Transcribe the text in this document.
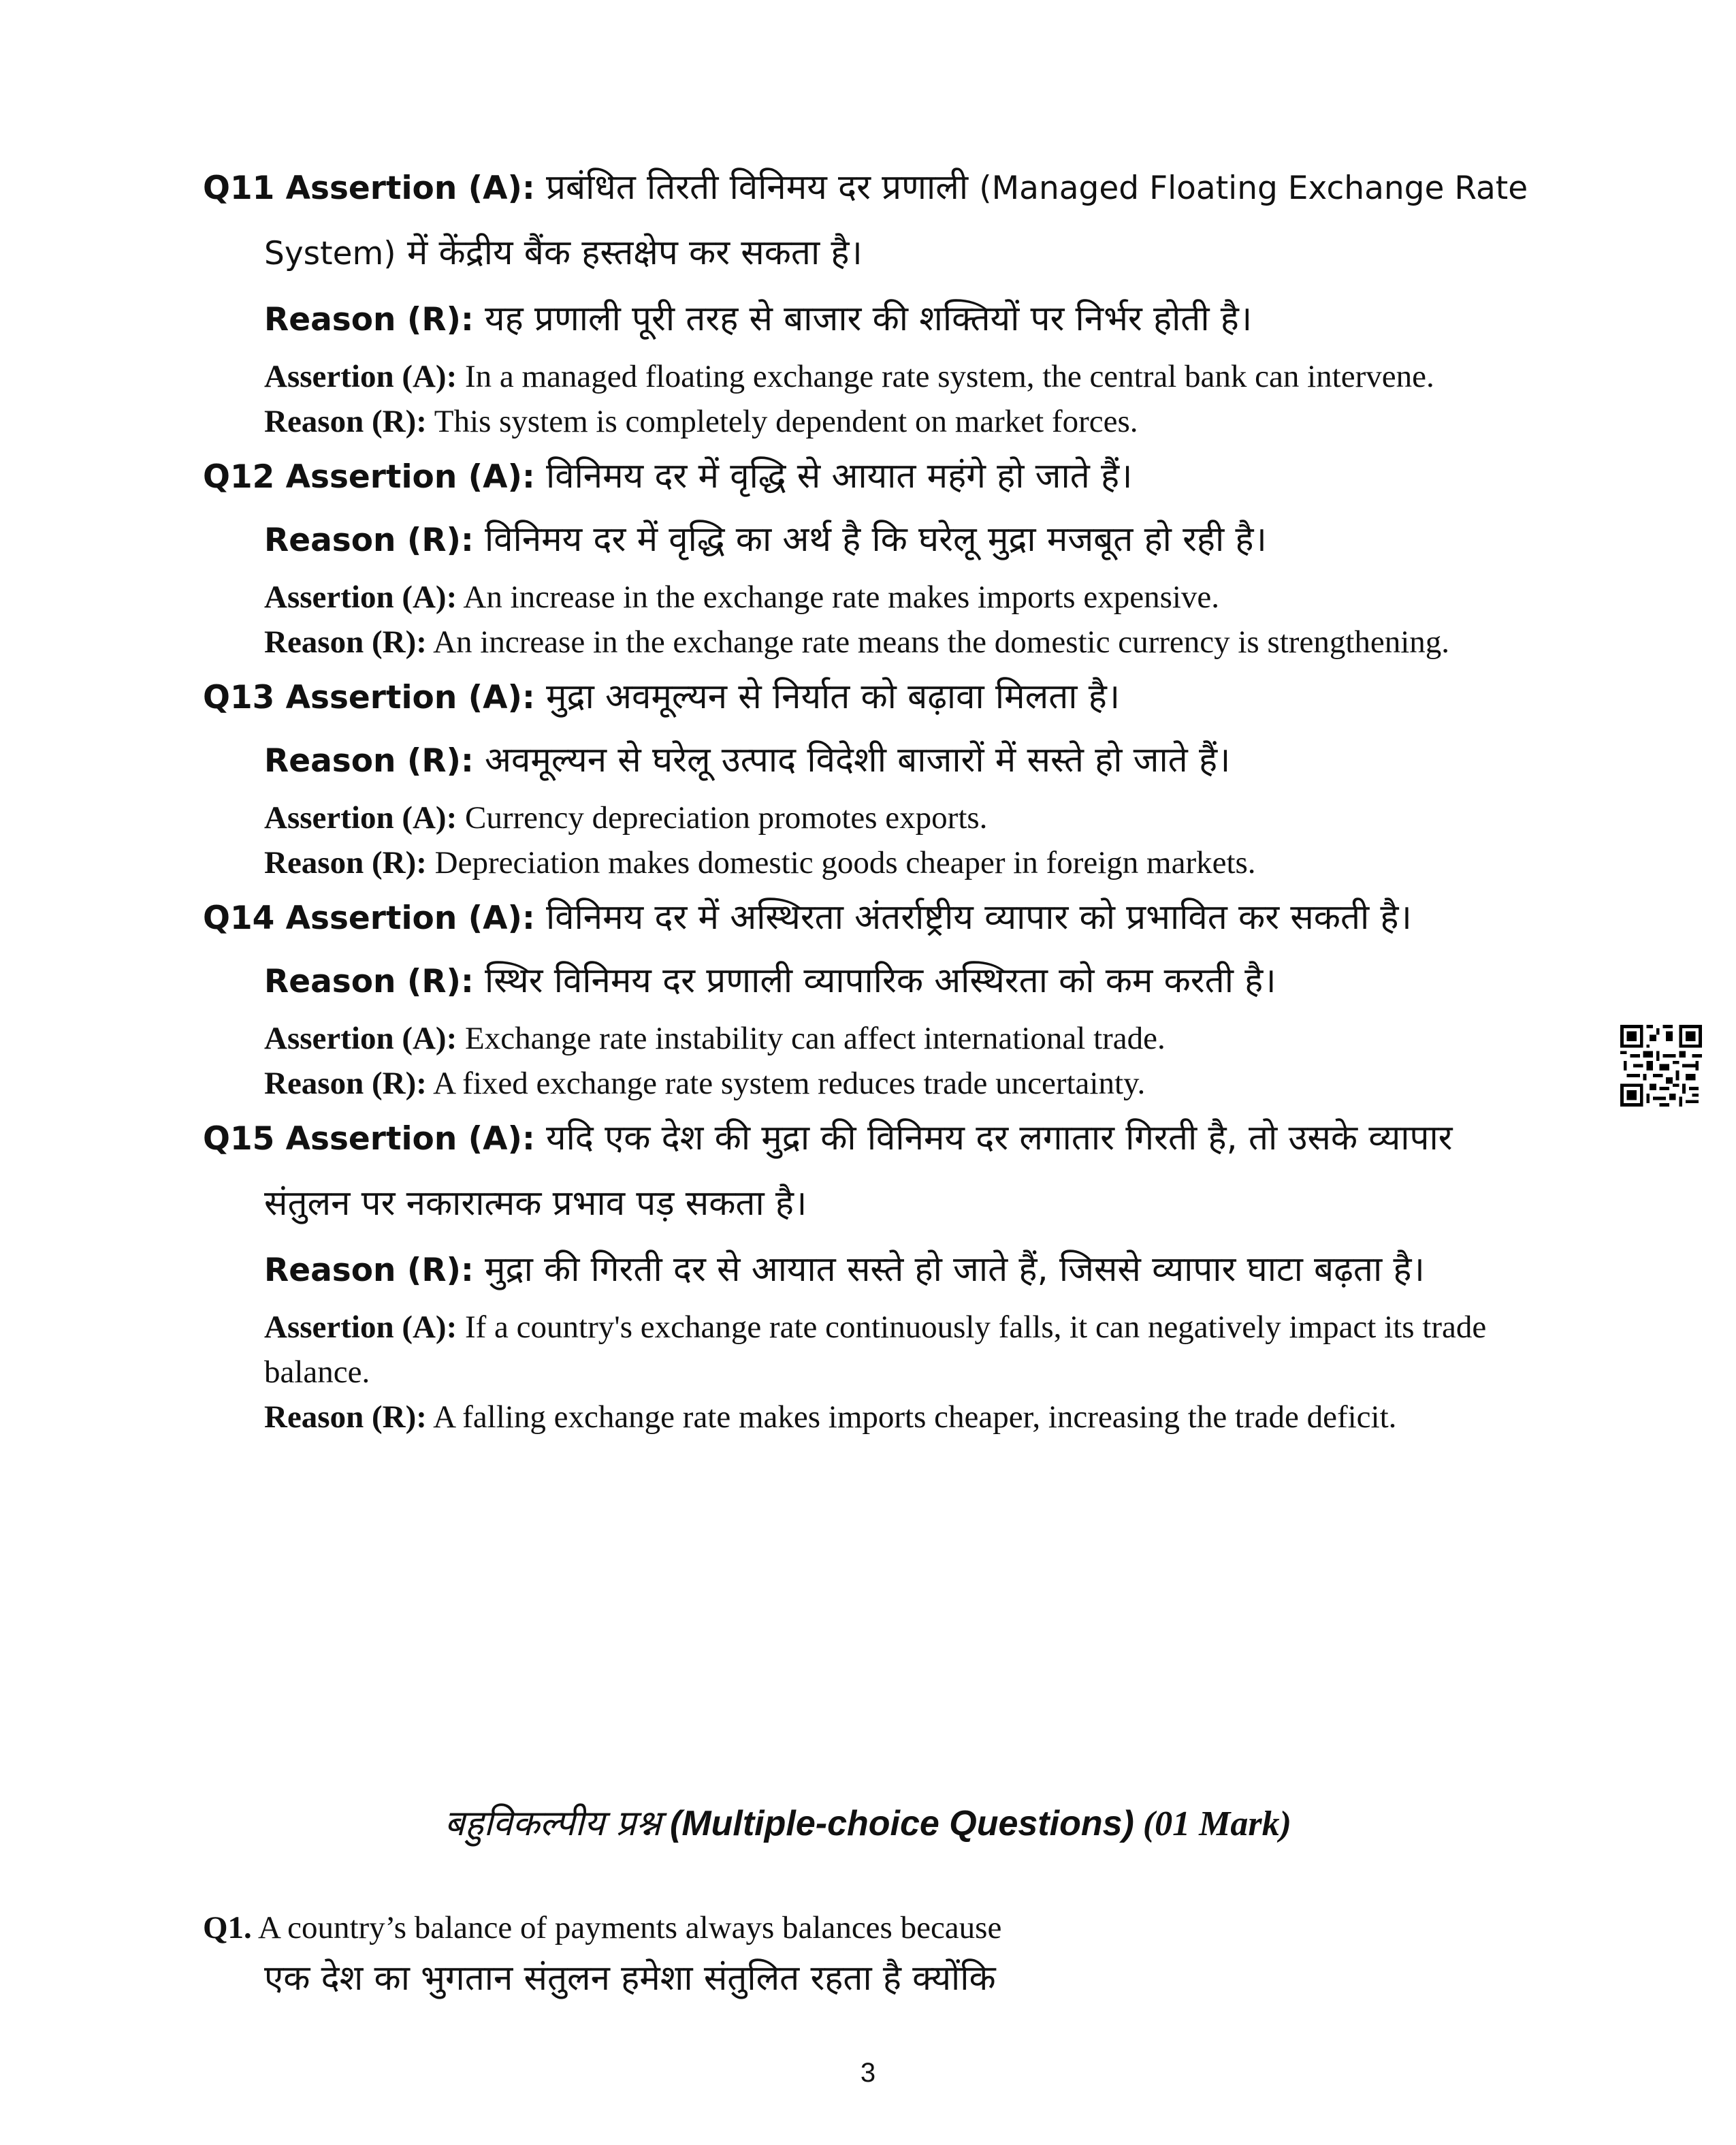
Q11 Assertion (A): प्रबंधित तिरती विनिमय दर प्रणाली (Managed Floating Exchange Rate
System) में केंद्रीय बैंक हस्तक्षेप कर सकता है।
Reason (R): यह प्रणाली पूरी तरह से बाजार की शक्तियों पर निर्भर होती है।
Assertion (A): In a managed floating exchange rate system, the central bank can intervene.
Reason (R): This system is completely dependent on market forces.
Q12 Assertion (A): विनिमय दर में वृद्धि से आयात महंगे हो जाते हैं।
Reason (R): विनिमय दर में वृद्धि का अर्थ है कि घरेलू मुद्रा मजबूत हो रही है।
Assertion (A): An increase in the exchange rate makes imports expensive.
Reason (R): An increase in the exchange rate means the domestic currency is strengthening.
Q13 Assertion (A): मुद्रा अवमूल्यन से निर्यात को बढ़ावा मिलता है।
Reason (R): अवमूल्यन से घरेलू उत्पाद विदेशी बाजारों में सस्ते हो जाते हैं।
Assertion (A): Currency depreciation promotes exports.
Reason (R): Depreciation makes domestic goods cheaper in foreign markets.
Q14 Assertion (A): विनिमय दर में अस्थिरता अंतर्राष्ट्रीय व्यापार को प्रभावित कर सकती है।
Reason (R): स्थिर विनिमय दर प्रणाली व्यापारिक अस्थिरता को कम करती है।
Assertion (A): Exchange rate instability can affect international trade.
Reason (R): A fixed exchange rate system reduces trade uncertainty.
Q15 Assertion (A): यदि एक देश की मुद्रा की विनिमय दर लगातार गिरती है, तो उसके व्यापार
संतुलन पर नकारात्मक प्रभाव पड़ सकता है।
Reason (R): मुद्रा की गिरती दर से आयात सस्ते हो जाते हैं, जिससे व्यापार घाटा बढ़ता है।
Assertion (A): If a country's exchange rate continuously falls, it can negatively impact its trade
balance.
Reason (R): A falling exchange rate makes imports cheaper, increasing the trade deficit.
बहुविकल्पीय प्रश्न (Multiple-choice Questions) (01 Mark)
Q1. A country’s balance of payments always balances because
एक देश का भुगतान संतुलन हमेशा संतुलित रहता है क्योंकि
3
